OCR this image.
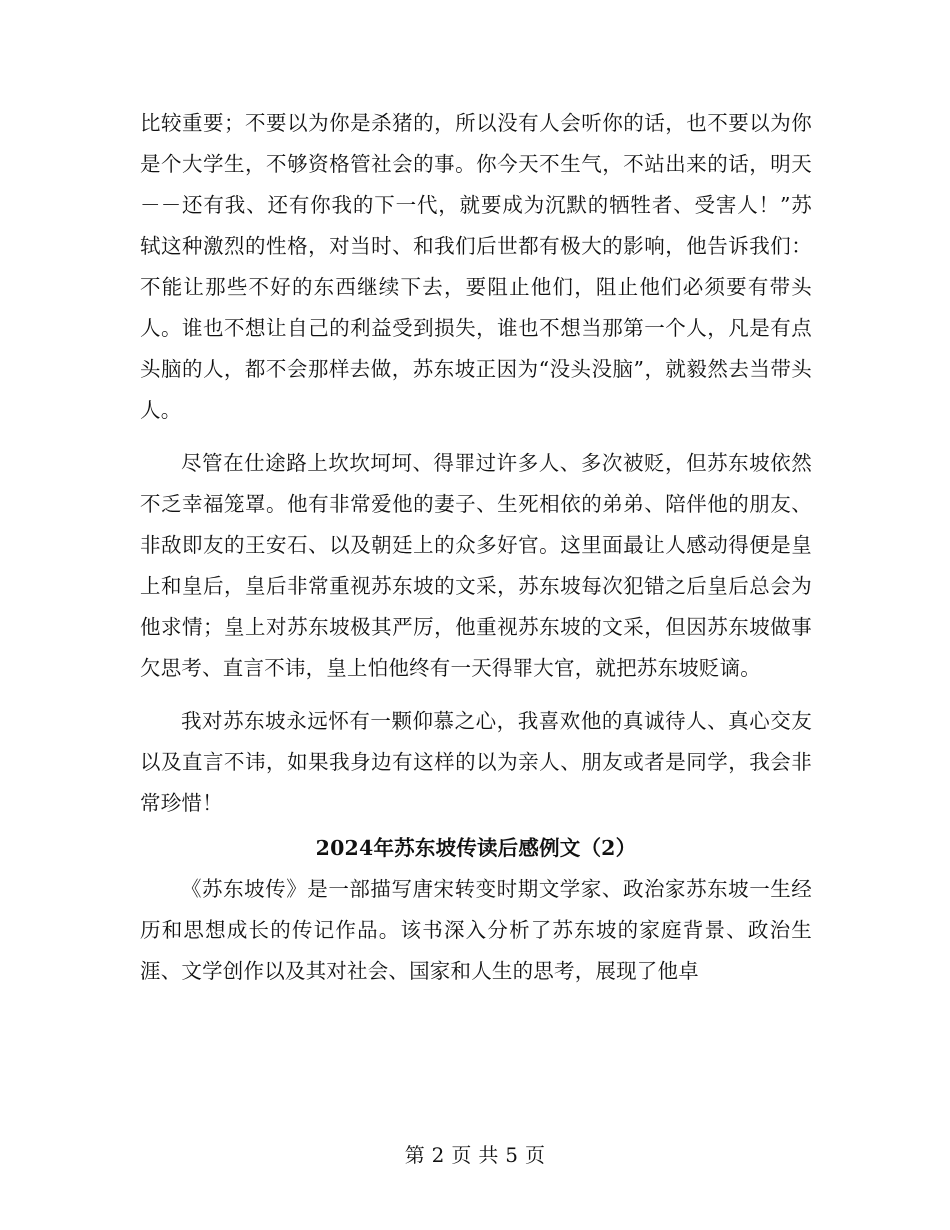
比较重要；不要以为你是杀猪的，所以没有人会听你的话，也不要以为你是个大学生，不够资格管社会的事。你今天不生气，不站出来的话，明天－－还有我、还有你我的下一代，就要成为沉默的牺牲者、受害人！”苏轼这种激烈的性格，对当时、和我们后世都有极大的影响，他告诉我们：不能让那些不好的东西继续下去，要阻止他们，阻止他们必须要有带头人。谁也不想让自己的利益受到损失，谁也不想当那第一个人，凡是有点头脑的人，都不会那样去做，苏东坡正因为“没头没脑”，就毅然去当带头人。

尽管在仕途路上坎坎坷坷、得罪过许多人、多次被贬，但苏东坡依然不乏幸福笼罩。他有非常爱他的妻子、生死相依的弟弟、陪伴他的朋友、非敌即友的王安石、以及朝廷上的众多好官。这里面最让人感动得便是皇上和皇后，皇后非常重视苏东坡的文采，苏东坡每次犯错之后皇后总会为他求情；皇上对苏东坡极其严厉，他重视苏东坡的文采，但因苏东坡做事欠思考、直言不讳，皇上怕他终有一天得罪大官，就把苏东坡贬谪。

我对苏东坡永远怀有一颗仰慕之心，我喜欢他的真诚待人、真心交友以及直言不讳，如果我身边有这样的以为亲人、朋友或者是同学，我会非常珍惜！

2024年苏东坡传读后感例文（2）

《苏东坡传》是一部描写唐宋转变时期文学家、政治家苏东坡一生经历和思想成长的传记作品。该书深入分析了苏东坡的家庭背景、政治生涯、文学创作以及其对社会、国家和人生的思考，展现了他卓

第 2 页 共 5 页
